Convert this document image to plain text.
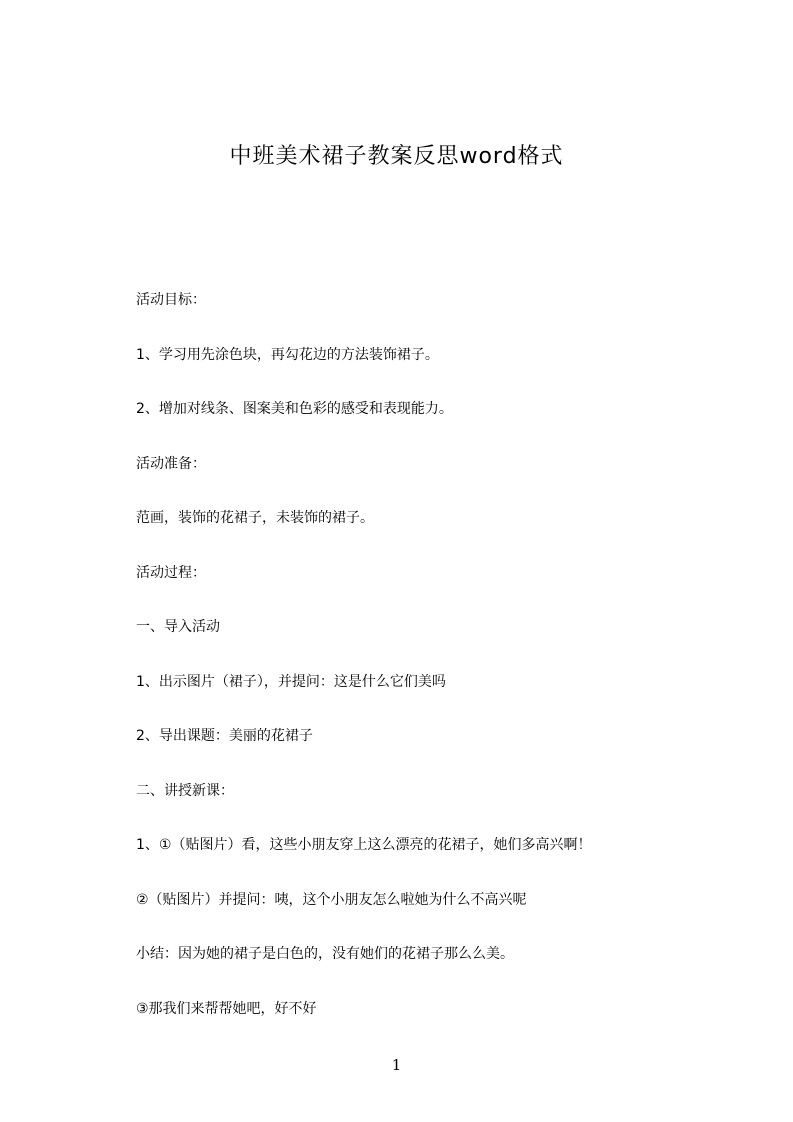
中班美术裙子教案反思word格式
活动目标：
1、学习用先涂色块，再勾花边的方法装饰裙子。
2、增加对线条、图案美和色彩的感受和表现能力。
活动准备：
范画，装饰的花裙子，未装饰的裙子。
活动过程：
一、导入活动
1、出示图片（裙子），并提问：这是什么它们美吗
2、导出课题：美丽的花裙子
二、讲授新课：
1、①（贴图片）看，这些小朋友穿上这么漂亮的花裙子，她们多高兴啊！
②（贴图片）并提问：咦，这个小朋友怎么啦她为什么不高兴呢
小结：因为她的裙子是白色的，没有她们的花裙子那么么美。
③那我们来帮帮她吧，好不好
1
